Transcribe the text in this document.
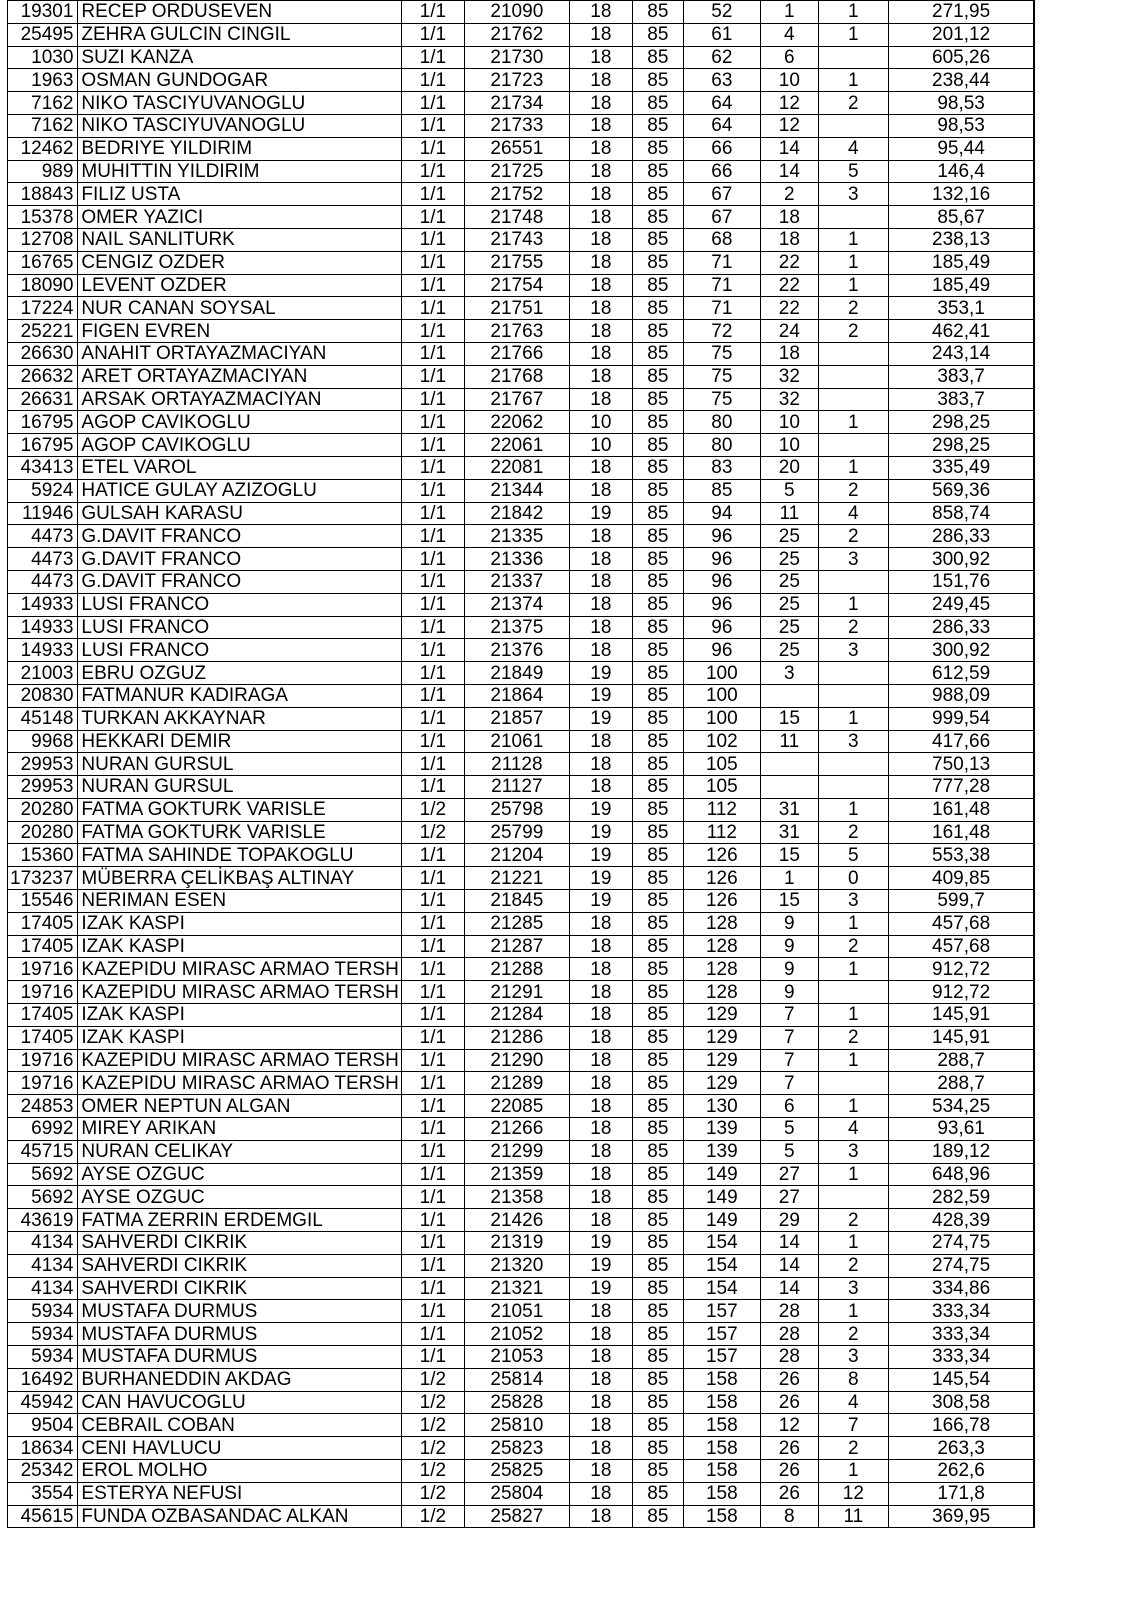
19301	RECEP ORDUSEVEN	1/1	21090	18	85	52	1	1	271,95
25495	ZEHRA GULCIN CINGIL	1/1	21762	18	85	61	4	1	201,12
1030	SUZI KANZA	1/1	21730	18	85	62	6		605,26
1963	OSMAN GUNDOGAR	1/1	21723	18	85	63	10	1	238,44
7162	NIKO TASCIYUVANOGLU	1/1	21734	18	85	64	12	2	98,53
7162	NIKO TASCIYUVANOGLU	1/1	21733	18	85	64	12		98,53
12462	BEDRIYE YILDIRIM	1/1	26551	18	85	66	14	4	95,44
989	MUHITTIN YILDIRIM	1/1	21725	18	85	66	14	5	146,4
18843	FILIZ USTA	1/1	21752	18	85	67	2	3	132,16
15378	OMER YAZICI	1/1	21748	18	85	67	18		85,67
12708	NAIL SANLITURK	1/1	21743	18	85	68	18	1	238,13
16765	CENGIZ OZDER	1/1	21755	18	85	71	22	1	185,49
18090	LEVENT OZDER	1/1	21754	18	85	71	22	1	185,49
17224	NUR CANAN SOYSAL	1/1	21751	18	85	71	22	2	353,1
25221	FIGEN EVREN	1/1	21763	18	85	72	24	2	462,41
26630	ANAHIT ORTAYAZMACIYAN	1/1	21766	18	85	75	18		243,14
26632	ARET ORTAYAZMACIYAN	1/1	21768	18	85	75	32		383,7
26631	ARSAK ORTAYAZMACIYAN	1/1	21767	18	85	75	32		383,7
16795	AGOP CAVIKOGLU	1/1	22062	10	85	80	10	1	298,25
16795	AGOP CAVIKOGLU	1/1	22061	10	85	80	10		298,25
43413	ETEL VAROL	1/1	22081	18	85	83	20	1	335,49
5924	HATICE GULAY AZIZOGLU	1/1	21344	18	85	85	5	2	569,36
11946	GULSAH KARASU	1/1	21842	19	85	94	11	4	858,74
4473	G.DAVIT FRANCO	1/1	21335	18	85	96	25	2	286,33
4473	G.DAVIT FRANCO	1/1	21336	18	85	96	25	3	300,92
4473	G.DAVIT FRANCO	1/1	21337	18	85	96	25		151,76
14933	LUSI FRANCO	1/1	21374	18	85	96	25	1	249,45
14933	LUSI FRANCO	1/1	21375	18	85	96	25	2	286,33
14933	LUSI FRANCO	1/1	21376	18	85	96	25	3	300,92
21003	EBRU OZGUZ	1/1	21849	19	85	100	3		612,59
20830	FATMANUR KADIRAGA	1/1	21864	19	85	100			988,09
45148	TURKAN AKKAYNAR	1/1	21857	19	85	100	15	1	999,54
9968	HEKKARI DEMIR	1/1	21061	18	85	102	11	3	417,66
29953	NURAN GURSUL	1/1	21128	18	85	105			750,13
29953	NURAN GURSUL	1/1	21127	18	85	105			777,28
20280	FATMA GOKTURK VARISLE	1/2	25798	19	85	112	31	1	161,48
20280	FATMA GOKTURK VARISLE	1/2	25799	19	85	112	31	2	161,48
15360	FATMA SAHINDE TOPAKOGLU	1/1	21204	19	85	126	15	5	553,38
173237	MÜBERRA ÇELİKBAŞ ALTINAY	1/1	21221	19	85	126	1	0	409,85
15546	NERIMAN ESEN	1/1	21845	19	85	126	15	3	599,7
17405	IZAK KASPI	1/1	21285	18	85	128	9	1	457,68
17405	IZAK KASPI	1/1	21287	18	85	128	9	2	457,68
19716	KAZEPIDU MIRASC ARMAO TERSH	1/1	21288	18	85	128	9	1	912,72
19716	KAZEPIDU MIRASC ARMAO TERSH	1/1	21291	18	85	128	9		912,72
17405	IZAK KASPI	1/1	21284	18	85	129	7	1	145,91
17405	IZAK KASPI	1/1	21286	18	85	129	7	2	145,91
19716	KAZEPIDU MIRASC ARMAO TERSH	1/1	21290	18	85	129	7	1	288,7
19716	KAZEPIDU MIRASC ARMAO TERSH	1/1	21289	18	85	129	7		288,7
24853	OMER NEPTUN ALGAN	1/1	22085	18	85	130	6	1	534,25
6992	MIREY ARIKAN	1/1	21266	18	85	139	5	4	93,61
45715	NURAN CELIKAY	1/1	21299	18	85	139	5	3	189,12
5692	AYSE OZGUC	1/1	21359	18	85	149	27	1	648,96
5692	AYSE OZGUC	1/1	21358	18	85	149	27		282,59
43619	FATMA ZERRIN ERDEMGIL	1/1	21426	18	85	149	29	2	428,39
4134	SAHVERDI CIKRIK	1/1	21319	19	85	154	14	1	274,75
4134	SAHVERDI CIKRIK	1/1	21320	19	85	154	14	2	274,75
4134	SAHVERDI CIKRIK	1/1	21321	19	85	154	14	3	334,86
5934	MUSTAFA DURMUS	1/1	21051	18	85	157	28	1	333,34
5934	MUSTAFA DURMUS	1/1	21052	18	85	157	28	2	333,34
5934	MUSTAFA DURMUS	1/1	21053	18	85	157	28	3	333,34
16492	BURHANEDDIN AKDAG	1/2	25814	18	85	158	26	8	145,54
45942	CAN HAVUCOGLU	1/2	25828	18	85	158	26	4	308,58
9504	CEBRAIL COBAN	1/2	25810	18	85	158	12	7	166,78
18634	CENI HAVLUCU	1/2	25823	18	85	158	26	2	263,3
25342	EROL MOLHO	1/2	25825	18	85	158	26	1	262,6
3554	ESTERYA NEFUSI	1/2	25804	18	85	158	26	12	171,8
45615	FUNDA OZBASANDAC ALKAN	1/2	25827	18	85	158	8	11	369,95
